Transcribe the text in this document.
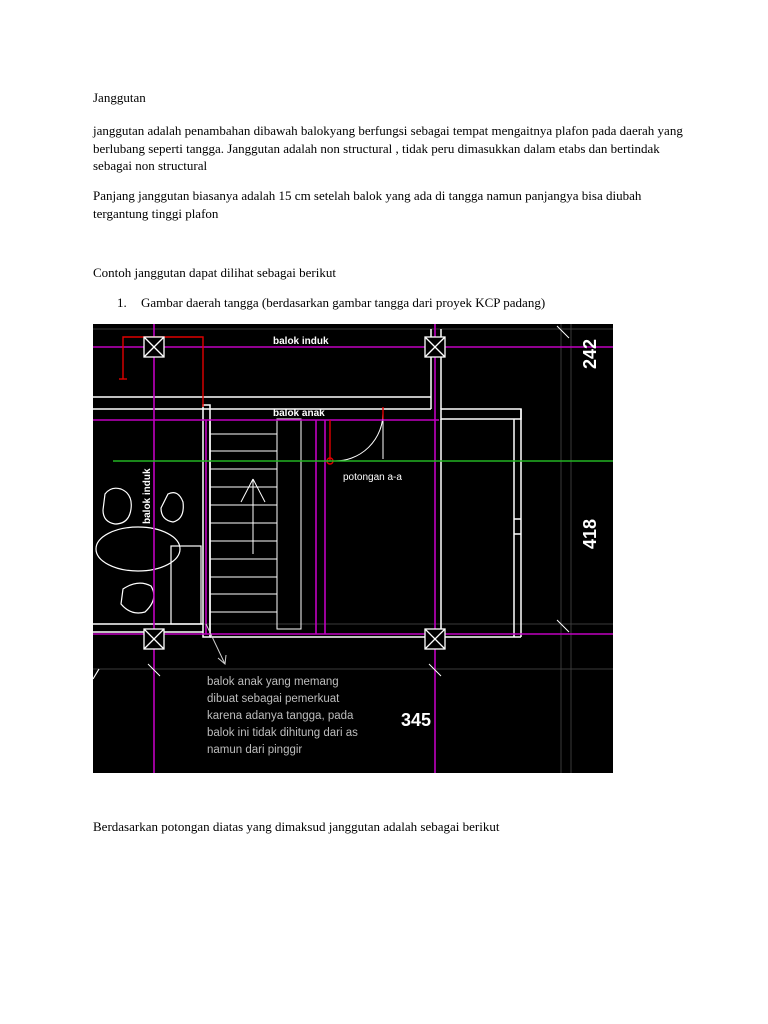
Janggutan
janggutan adalah penambahan dibawah balokyang berfungsi sebagai tempat mengaitnya plafon pada daerah yang berlubang seperti tangga. Janggutan adalah non structural , tidak peru dimasukkan dalam etabs dan bertindak sebagai non structural
Panjang janggutan biasanya adalah 15 cm setelah balok yang ada di tangga namun panjangya bisa diubah tergantung tinggi plafon
Contoh janggutan dapat dilihat sebagai berikut
1. Gambar daerah tangga (berdasarkan gambar tangga dari proyek KCP padang)
balok induk
balok anak
balok induk	potongan a-a
242
418
345
balok anak yang memang
dibuat sebagai pemerkuat
karena adanya tangga, pada
balok ini tidak dihitung dari as
namun dari pinggir
Berdasarkan potongan diatas yang dimaksud janggutan adalah sebagai berikut
